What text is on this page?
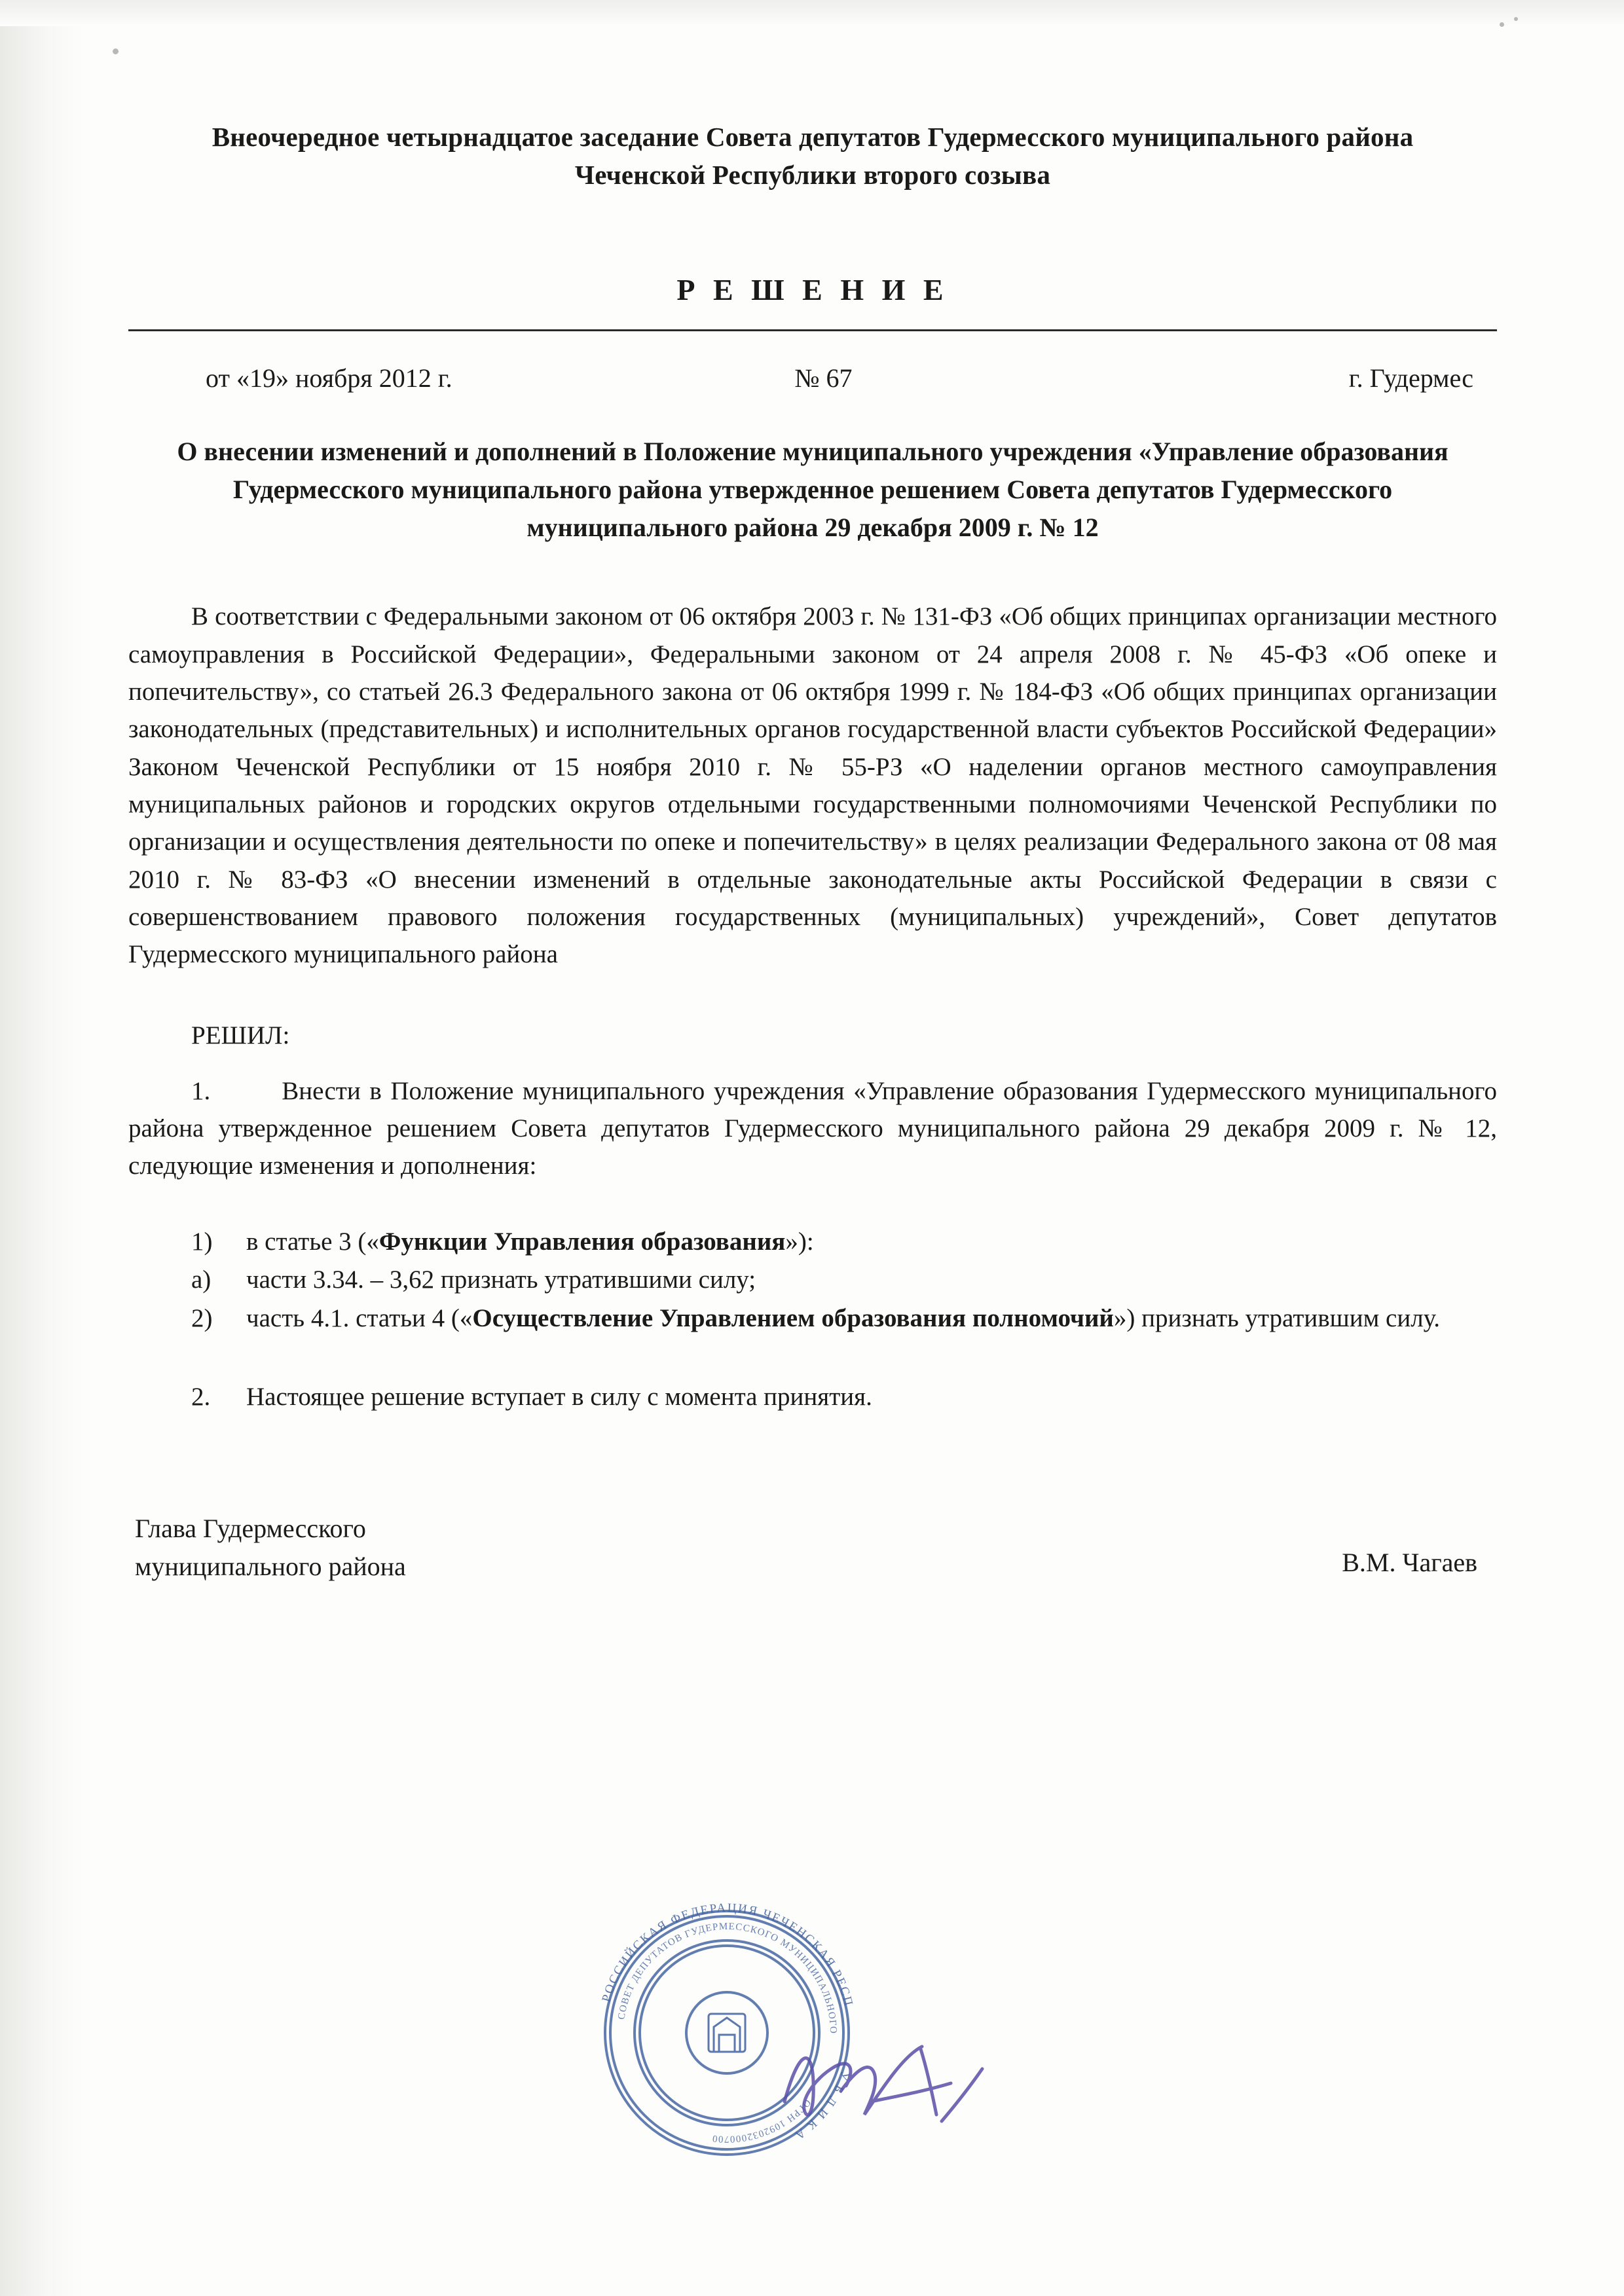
Внеочередное четырнадцатое заседание Совета депутатов Гудермесского муниципального района Чеченской Республики второго созыва
Р Е Ш Е Н И Е
от «19» ноября 2012 г.	№ 67	г. Гудермес
О внесении изменений и дополнений в Положение муниципального учреждения «Управление образования Гудермесского муниципального района утвержденное решением Совета депутатов Гудермесского муниципального района 29 декабря 2009 г. № 12

В соответствии с Федеральными законом от 06 октября 2003 г. № 131-ФЗ «Об общих принципах организации местного самоуправления в Российской Федерации», Федеральными законом от 24 апреля 2008 г. № 45-ФЗ «Об опеке и попечительству», со статьей 26.3 Федерального закона от 06 октября 1999 г. № 184-ФЗ «Об общих принципах организации законодательных (представительных) и исполнительных органов государственной власти субъектов Российской Федерации» Законом Чеченской Республики от 15 ноября 2010 г. № 55-РЗ «О наделении органов местного самоуправления муниципальных районов и городских округов отдельными государственными полномочиями Чеченской Республики по организации и осуществления деятельности по опеке и попечительству» в целях реализации Федерального закона от 08 мая 2010 г. № 83-ФЗ «О внесении изменений в отдельные законодательные акты Российской Федерации в связи с совершенствованием правового положения государственных (муниципальных) учреждений», Совет депутатов Гудермесского муниципального района

РЕШИЛ:

1.	Внести в Положение муниципального учреждения «Управление образования Гудермесского муниципального района утвержденное решением Совета депутатов Гудермесского муниципального района 29 декабря 2009 г. № 12, следующие изменения и дополнения:

1)	в статье 3 («Функции Управления образования»):
а)	части 3.34. – 3,62 признать утратившими силу;
2)	часть 4.1. статьи 4 («Осуществление Управлением образования полномочий») признать утратившим силу.
2.	Настоящее решение вступает в силу с момента принятия.
Глава Гудермесского
муниципального района	В.М. Чагаев
РОССИЙСКАЯ ФЕДЕРАЦИЯ ЧЕЧЕНСКАЯ РЕСП
У Б Л И К А
СОВЕТ ДЕПУТАТОВ ГУДЕРМЕССКОГО МУНИЦИПАЛЬНОГО
ОГРН 1092032000700
